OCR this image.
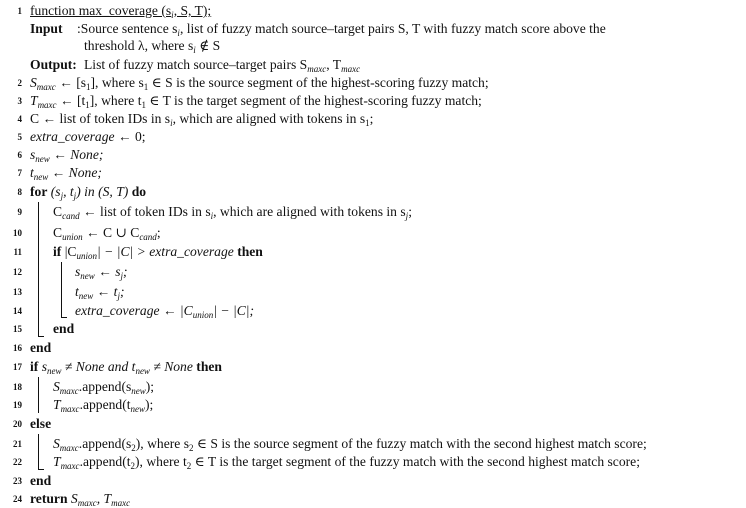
1 function max_coverage ($s_i$, S, T);
Input :Source sentence $s_i$, list of fuzzy match source–target pairs S, T with fuzzy match score above the
threshold λ, where $s_i$ ∉ S
Output: List of fuzzy match source–target pairs $S_{maxc}$, $T_{maxc}$
2 $S_{maxc}$ ← $[s_1]$, where $s_1$ ∈ S is the source segment of the highest-scoring fuzzy match;
3 $T_{maxc}$ ← $[t_1]$, where $t_1$ ∈ T is the target segment of the highest-scoring fuzzy match;
4 C ← list of token IDs in $s_i$, which are aligned with tokens in $s_1$;
5 extra_coverage ← 0;
6 $s_{new}$ ← None;
7 $t_{new}$ ← None;
8 for ($s_j$, $t_j$) in (S, T) do
9 $C_{cand}$ ← list of token IDs in $s_i$, which are aligned with tokens in $s_j$;
10 $C_{union}$ ← C ∪ $C_{cand}$;
11 if $|C_{union}| - |C|$ > extra_coverage then
12	$s_{new}$ ← $s_j$;
13	$t_{new}$ ← $t_j$;
14	extra_coverage ← $|C_{union}| - |C|$;
15 end
16 end
17 if $s_{new}$ ≠ None and $t_{new}$ ≠ None then
18 $S_{maxc}.append(s_{new})$;
19 $T_{maxc}.append(t_{new})$;
20 else
21 $S_{maxc}.append(s_2)$, where $s_2$ ∈ S is the source segment of the fuzzy match with the second highest match score;
22 $T_{maxc}.append(t_2)$, where $t_2$ ∈ T is the target segment of the fuzzy match with the second highest match score;
23 end
24 return $S_{maxc}$, $T_{maxc}$
